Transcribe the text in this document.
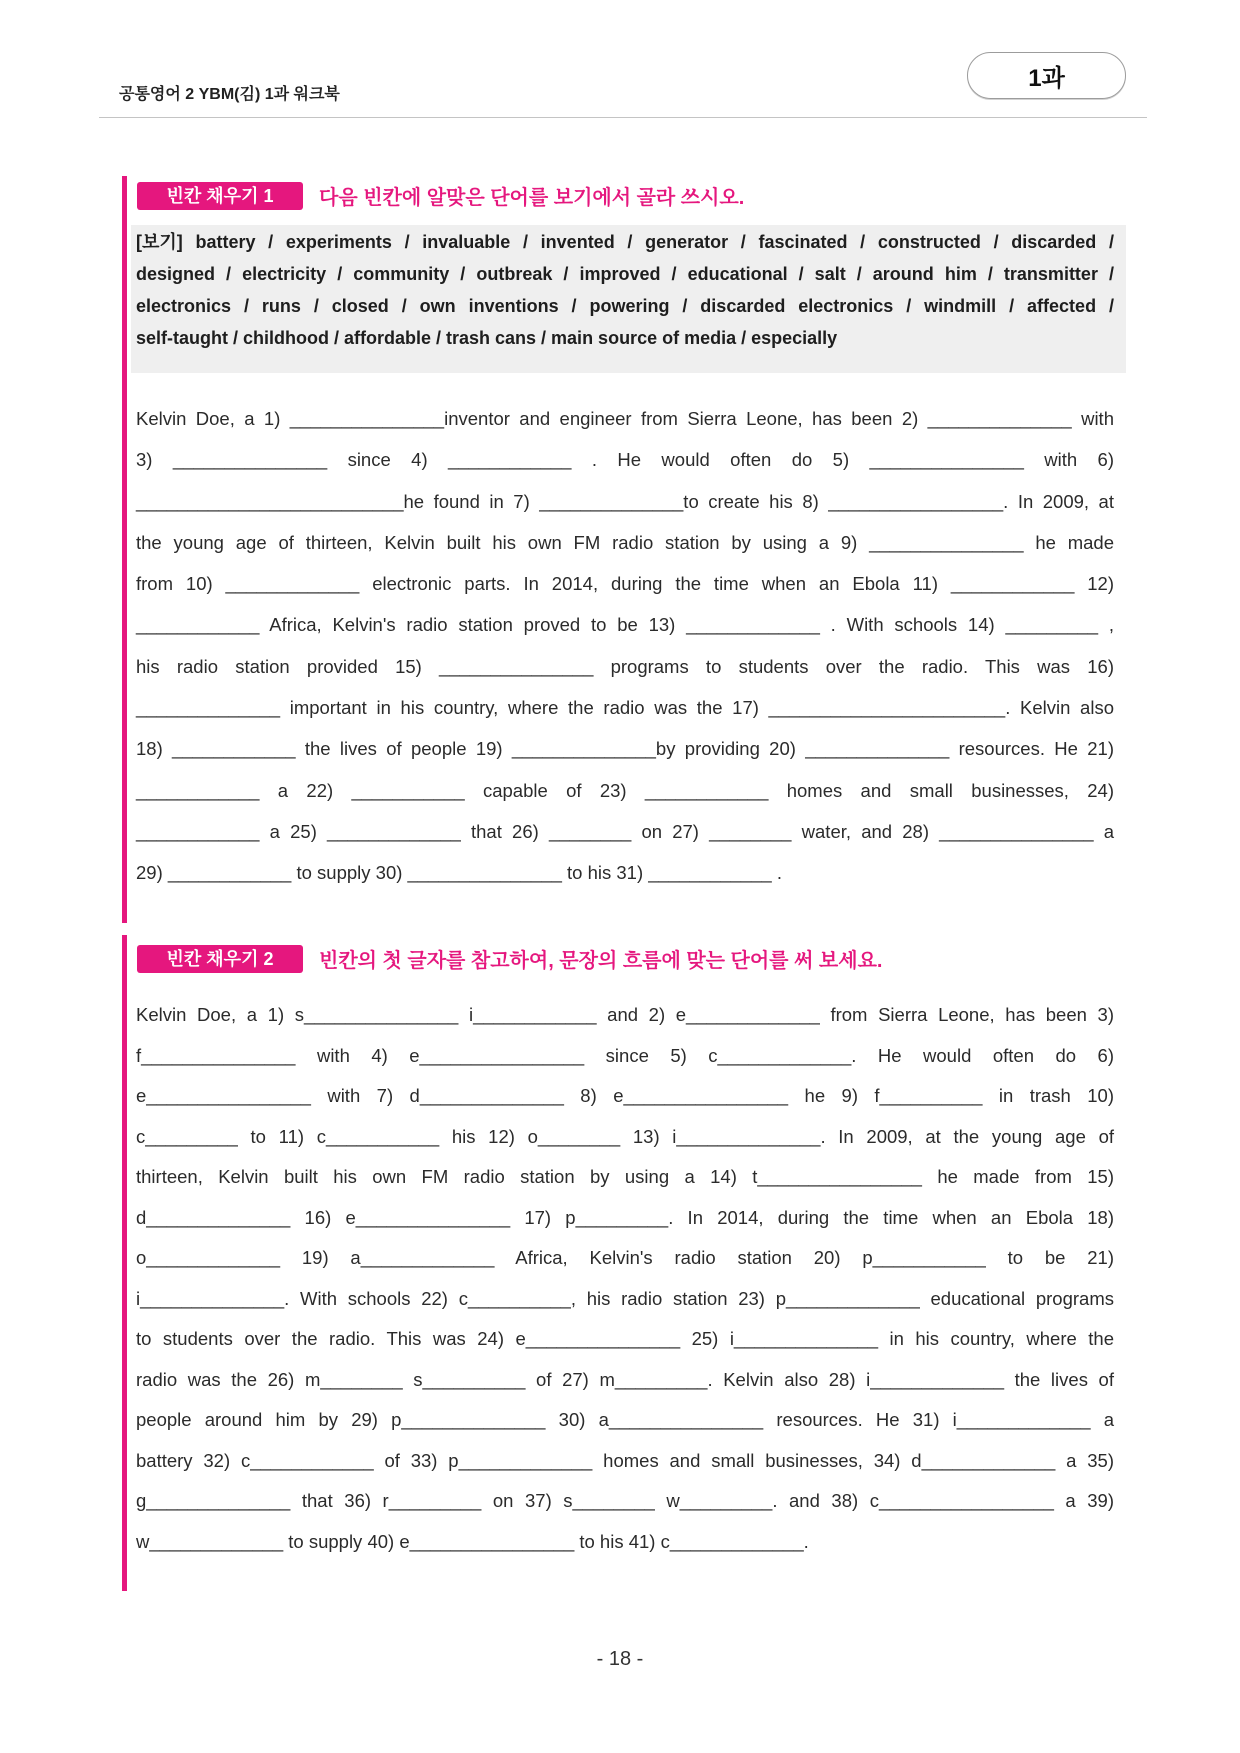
공통영어 2 YBM(김) 1과 워크북
1과
빈칸 채우기 1	다음 빈칸에 알맞은 단어를 보기에서 골라 쓰시오.
[보기] battery / experiments / invaluable / invented / generator / fascinated / constructed / discarded /
designed / electricity / community / outbreak / improved / educational / salt / around him / transmitter /
electronics / runs / closed / own inventions / powering / discarded electronics / windmill / affected /
self-taught / childhood / affordable / trash cans / main source of media / especially
Kelvin Doe, a 1) _______________inventor and engineer from Sierra Leone, has been 2) ______________ with
3) _______________ since 4) ____________ . He would often do 5) _______________ with 6)
__________________________he found in 7) ______________to create his 8) _________________. In 2009, at
the young age of thirteen, Kelvin built his own FM radio station by using a 9) _______________ he made
from 10) _____________ electronic parts. In 2014, during the time when an Ebola 11) ____________ 12)
____________ Africa, Kelvin's radio station proved to be 13) _____________ . With schools 14) _________ ,
his radio station provided 15) _______________ programs to students over the radio. This was 16)
______________ important in his country, where the radio was the 17) _______________________. Kelvin also
18) ____________ the lives of people 19) ______________by providing 20) ______________ resources. He 21)
____________ a 22) ___________ capable of 23) ____________ homes and small businesses, 24)
____________ a 25) _____________ that 26) ________ on 27) ________ water, and 28) _______________ a
29) ____________ to supply 30) _______________ to his 31) ____________ .
빈칸 채우기 2	빈칸의 첫 글자를 참고하여, 문장의 흐름에 맞는 단어를 써 보세요.
Kelvin Doe, a 1) s_______________ i____________ and 2) e_____________ from Sierra Leone, has been 3)
f_______________ with 4) e________________ since 5) c_____________. He would often do 6)
e________________ with 7) d______________ 8) e________________ he 9) f__________ in trash 10)
c_________ to 11) c___________ his 12) o________ 13) i______________. In 2009, at the young age of
thirteen, Kelvin built his own FM radio station by using a 14) t________________ he made from 15)
d______________ 16) e_______________ 17) p_________. In 2014, during the time when an Ebola 18)
o_____________ 19) a_____________ Africa, Kelvin's radio station 20) p___________ to be 21)
i______________. With schools 22) c__________, his radio station 23) p_____________ educational programs
to students over the radio. This was 24) e_______________ 25) i______________ in his country, where the
radio was the 26) m________ s__________ of 27) m_________. Kelvin also 28) i_____________ the lives of
people around him by 29) p______________ 30) a_______________ resources. He 31) i_____________ a
battery 32) c____________ of 33) p_____________ homes and small businesses, 34) d_____________ a 35)
g______________ that 36) r_________ on 37) s________ w_________. and 38) c_________________ a 39)
w_____________ to supply 40) e________________ to his 41) c_____________.
- 18 -
